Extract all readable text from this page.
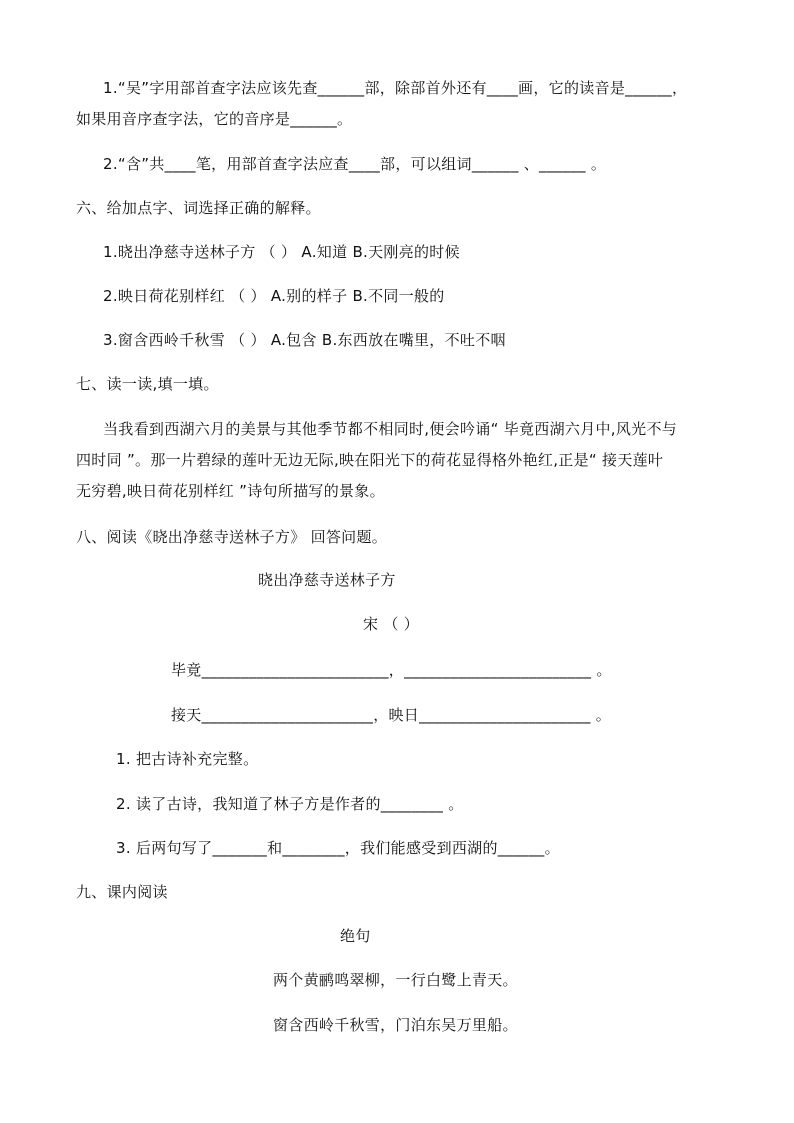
1.“吴”字用部首查字法应该先查______部，除部首外还有____画，它的读音是______，
如果用音序查字法，它的音序是______。
2.“含”共____笔，用部首查字法应查____部，可以组词______ 、______ 。
六、给加点字、词选择正确的解释。
1.晓出净慈寺送林子方 （ ） A.知道 B.天刚亮的时候
2.映日荷花别样红 （ ） A.别的样子 B.不同一般的
3.窗含西岭千秋雪 （ ） A.包含 B.东西放在嘴里，不吐不咽
七、读一读,填一填。
当我看到西湖六月的美景与其他季节都不相同时,便会吟诵“ 毕竟西湖六月中,风光不与
四时同 ”。那一片碧绿的莲叶无边无际,映在阳光下的荷花显得格外艳红,正是“ 接天莲叶
无穷碧,映日荷花别样红 ”诗句所描写的景象。
八、阅读《晓出净慈寺送林子方》 回答问题。
晓出净慈寺送林子方
宋 （ ）
毕竟________________________，________________________ 。
接天______________________，映日______________________ 。
1. 把古诗补充完整。
2. 读了古诗，我知道了林子方是作者的________ 。
3. 后两句写了_______和________，我们能感受到西湖的______。
九、课内阅读
绝句
两个黄鹂鸣翠柳，一行白鹭上青天。
窗含西岭千秋雪，门泊东吴万里船。
